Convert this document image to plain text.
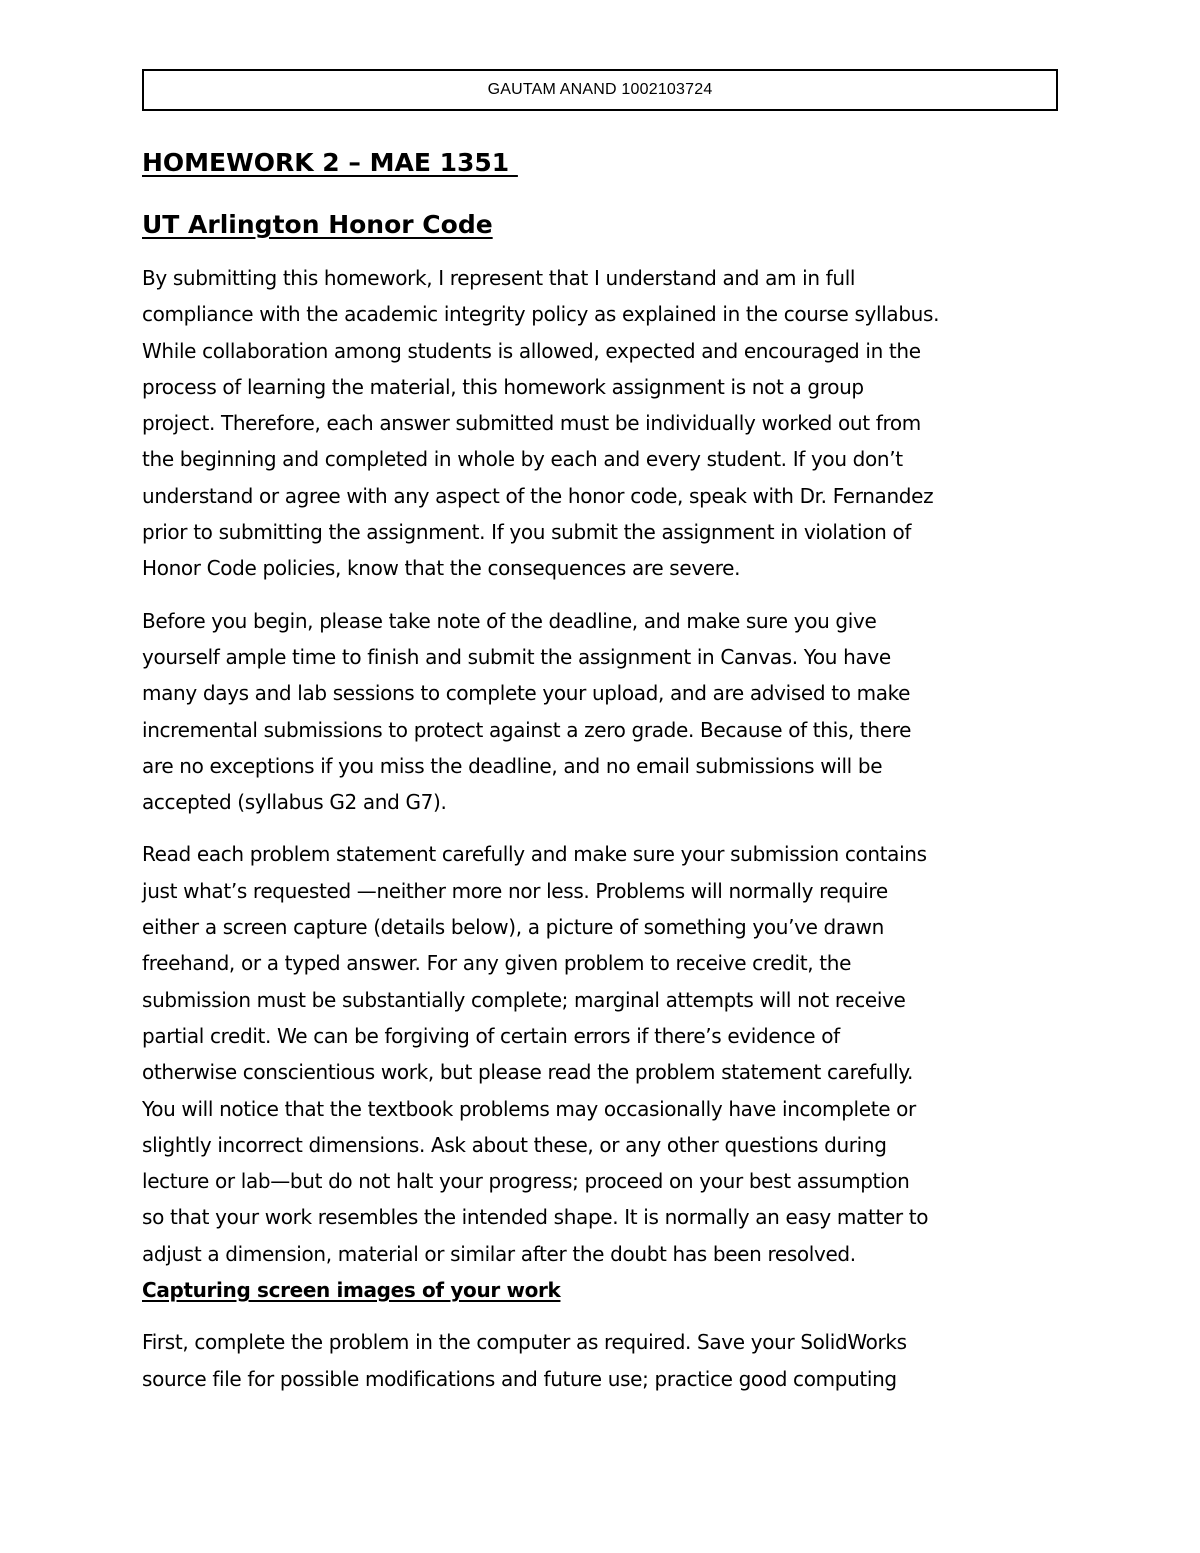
GAUTAM ANAND 1002103724
HOMEWORK 2 – MAE 1351
UT Arlington Honor Code

By submitting this homework, I represent that I understand and am in full
compliance with the academic integrity policy as explained in the course syllabus.
While collaboration among students is allowed, expected and encouraged in the
process of learning the material, this homework assignment is not a group
project. Therefore, each answer submitted must be individually worked out from
the beginning and completed in whole by each and every student. If you don’t
understand or agree with any aspect of the honor code, speak with Dr. Fernandez
prior to submitting the assignment. If you submit the assignment in violation of
Honor Code policies, know that the consequences are severe.

Before you begin, please take note of the deadline, and make sure you give
yourself ample time to finish and submit the assignment in Canvas. You have
many days and lab sessions to complete your upload, and are advised to make
incremental submissions to protect against a zero grade. Because of this, there
are no exceptions if you miss the deadline, and no email submissions will be
accepted (syllabus G2 and G7).

Read each problem statement carefully and make sure your submission contains
just what’s requested —neither more nor less. Problems will normally require
either a screen capture (details below), a picture of something you’ve drawn
freehand, or a typed answer. For any given problem to receive credit, the
submission must be substantially complete; marginal attempts will not receive
partial credit. We can be forgiving of certain errors if there’s evidence of
otherwise conscientious work, but please read the problem statement carefully.
You will notice that the textbook problems may occasionally have incomplete or
slightly incorrect dimensions. Ask about these, or any other questions during
lecture or lab—but do not halt your progress; proceed on your best assumption
so that your work resembles the intended shape. It is normally an easy matter to
adjust a dimension, material or similar after the doubt has been resolved.

Capturing screen images of your work

First, complete the problem in the computer as required. Save your SolidWorks
source file for possible modifications and future use; practice good computing
